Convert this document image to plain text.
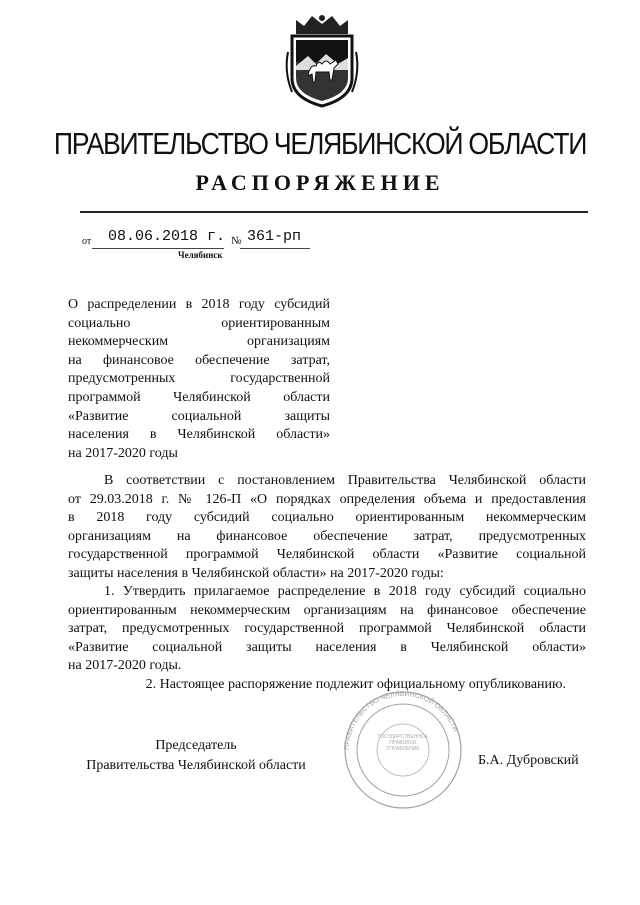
ПРАВИТЕЛЬСТВО ЧЕЛЯБИНСКОЙ ОБЛАСТИ
РАСПОРЯЖЕНИЕ
от 08.06.2018 г. № 361-рп
Челябинск
О распределении в 2018 году субсидий
социально ориентированным
некоммерческим организациям
на финансовое обеспечение затрат,
предусмотренных государственной
программой Челябинской области
«Развитие социальной защиты
населения в Челябинской области»
на 2017-2020 годы
В соответствии с постановлением Правительства Челябинской области
от 29.03.2018 г. № 126-П «О порядках определения объема и предоставления
в 2018 году субсидий социально ориентированным некоммерческим
организациям на финансовое обеспечение затрат, предусмотренных
государственной программой Челябинской области «Развитие социальной
защиты населения в Челябинской области» на 2017-2020 годы:
1. Утвердить прилагаемое распределение в 2018 году субсидий социально
ориентированным некоммерческим организациям на финансовое обеспечение
затрат, предусмотренных государственной программой Челябинской области
«Развитие социальной защиты населения в Челябинской области»
на 2017-2020 годы.
2. Настоящее распоряжение подлежит официальному опубликованию.
ПРАВИТЕЛЬСТВО ЧЕЛЯБИНСКОЙ ОБЛАСТИ
ГОСУДАРСТВЕННОЕ ПРАВОВОЕ УПРАВЛЕНИЕ
Председатель
Правительства Челябинской области	Б.А. Дубровский
